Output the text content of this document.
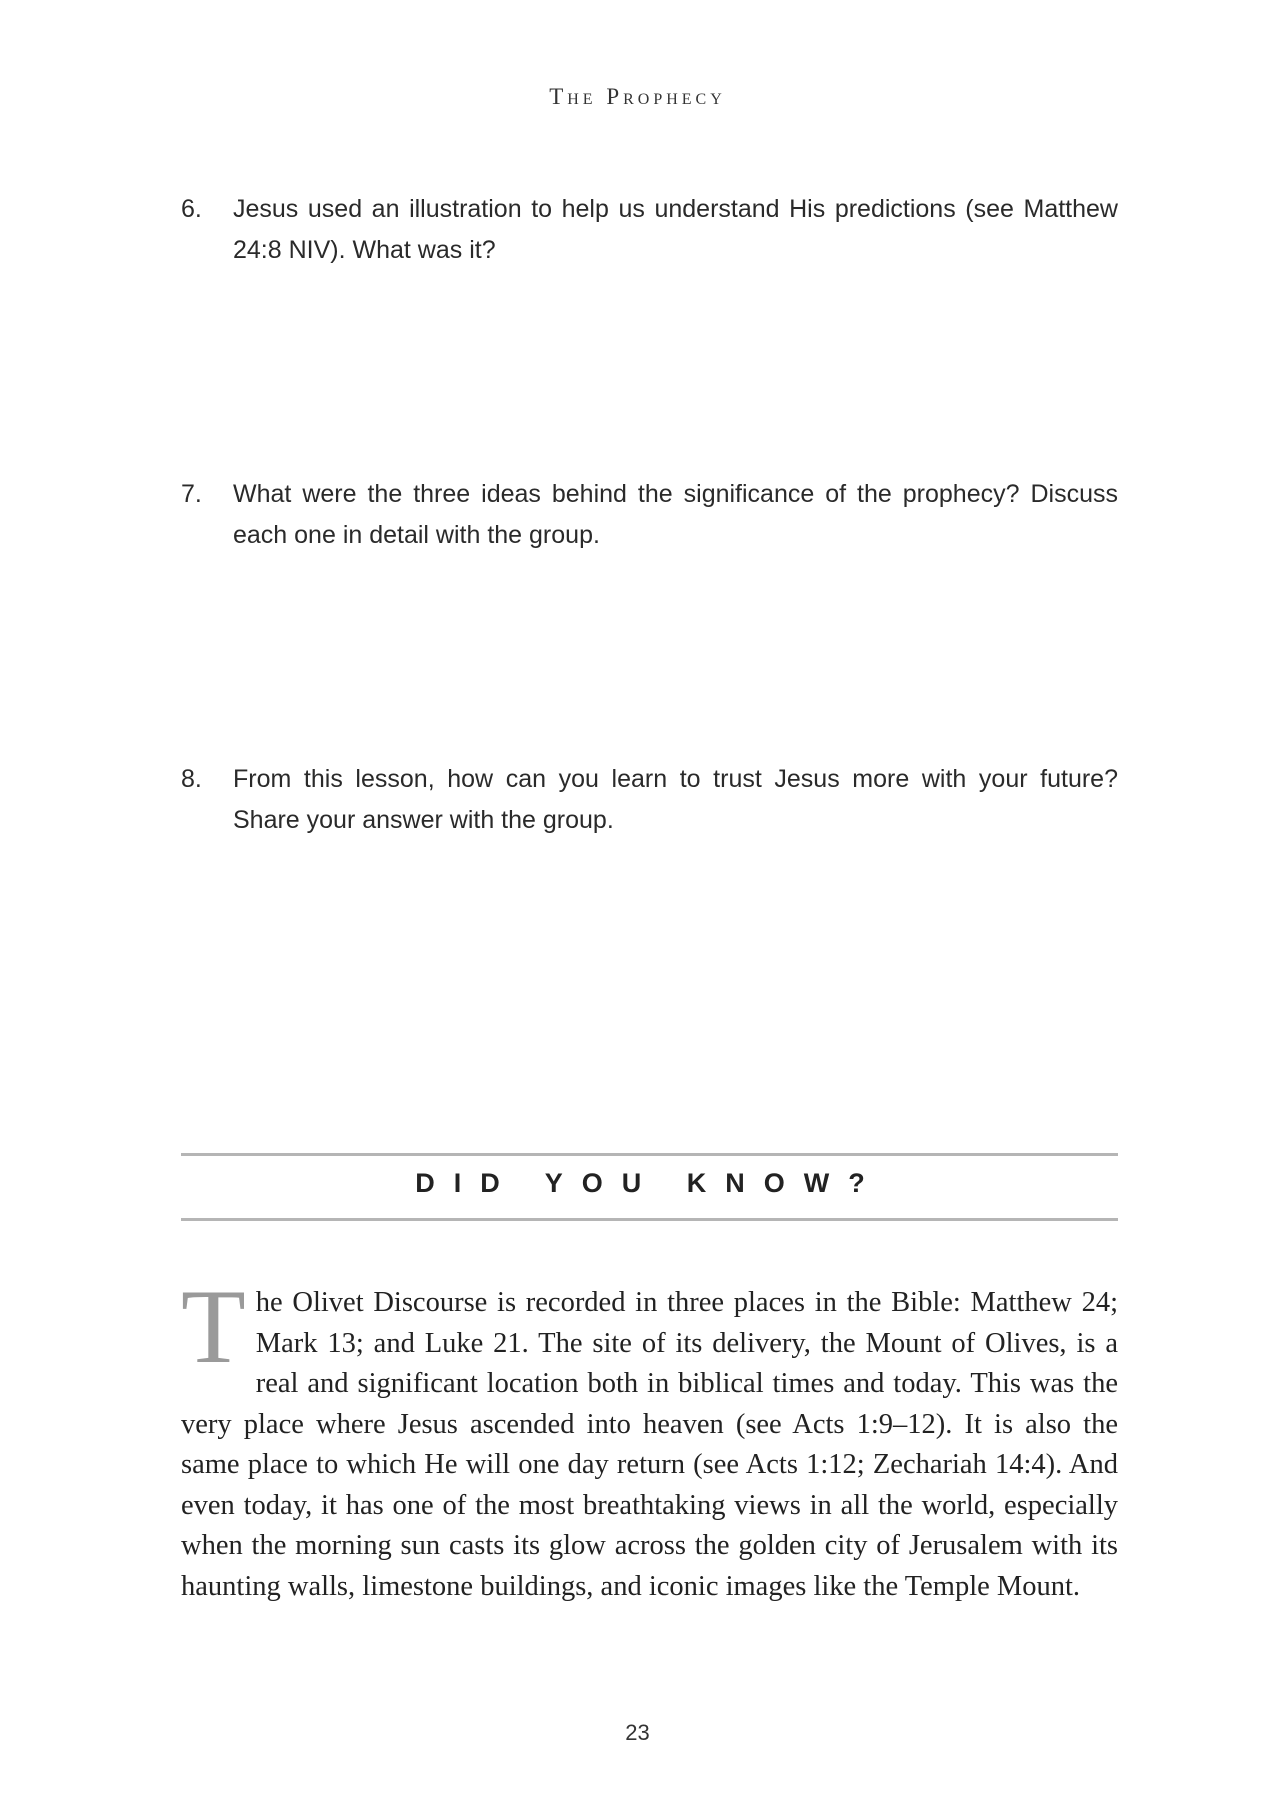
The Prophecy
6.	Jesus used an illustration to help us understand His predictions (see Matthew 24:8 NIV). What was it?
7.	What were the three ideas behind the significance of the prophecy? Discuss each one in detail with the group.
8.	From this lesson, how can you learn to trust Jesus more with your future? Share your answer with the group.
DID YOU KNOW?
The Olivet Discourse is recorded in three places in the Bible: Matthew 24; Mark 13; and Luke 21. The site of its delivery, the Mount of Olives, is a real and significant location both in biblical times and today. This was the very place where Jesus ascended into heaven (see Acts 1:9–12). It is also the same place to which He will one day return (see Acts 1:12; Zechariah 14:4). And even today, it has one of the most breathtaking views in all the world, especially when the morning sun casts its glow across the golden city of Jerusalem with its haunting walls, limestone buildings, and iconic images like the Temple Mount.
23
